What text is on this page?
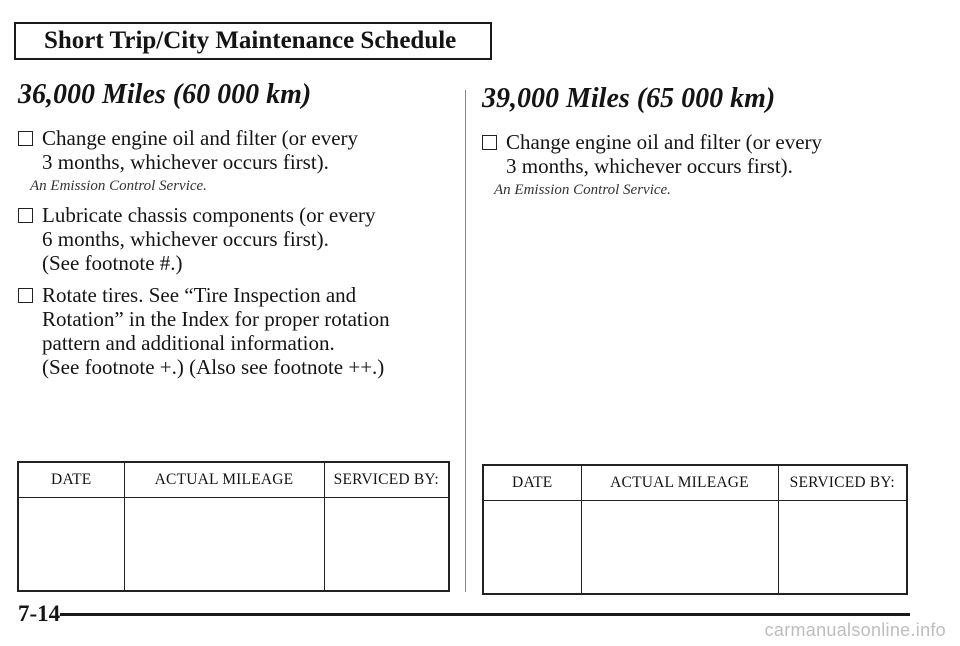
Short Trip/City Maintenance Schedule
36,000 Miles (60 000 km)
Change engine oil and filter (or every
3 months, whichever occurs first).
An Emission Control Service.
Lubricate chassis components (or every
6 months, whichever occurs first).
(See footnote #.)
Rotate tires. See “Tire Inspection and
Rotation” in the Index for proper rotation
pattern and additional information.
(See footnote +.) (Also see footnote ++.)
39,000 Miles (65 000 km)
Change engine oil and filter (or every
3 months, whichever occurs first).
An Emission Control Service.
DATE	ACTUAL MILEAGE	SERVICED BY:
			DATE	ACTUAL MILEAGE	SERVICED BY:

7-14
carmanualsonline.info
